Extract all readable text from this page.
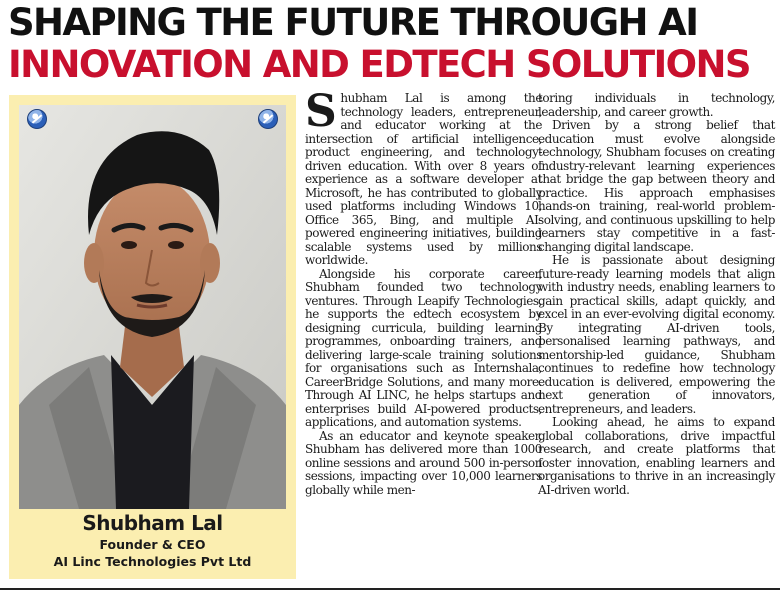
SHAPING THE FUTURE THROUGH AI
INNOVATION AND EDTECH SOLUTIONS
Shubham Lal
Founder & CEO
AI Linc Technologies Pvt Ltd

Shubham Lal is among the technology leaders, entrepreneur, and educator working at the intersection of artificial intelligence, product engineering, and technology-driven education. With over 8 years of experience as a software developer at Microsoft, he has contributed to globally used platforms including Windows 10, Office 365, Bing, and multiple AI-powered engineering initiatives, building scalable systems used by millions worldwide.

Alongside his corporate career, Shubham founded two technology ventures. Through Leapify Technologies, he supports the edtech ecosystem by designing curricula, building learning programmes, onboarding trainers, and delivering large-scale training solutions for organisations such as Internshala, CareerBridge Solutions, and many more. Through AI LINC, he helps startups and enterprises build AI-powered products, applications, and automation systems.

As an educator and keynote speaker, Shubham has delivered more than 1000 online sessions and around 500 in-person sessions, impacting over 10,000 learners globally while men-

toring individuals in technology, leadership, and career growth.

Driven by a strong belief that education must evolve alongside technology, Shubham focuses on creating industry-relevant learning experiences that bridge the gap between theory and practice. His approach emphasises hands-on training, real-world problem-solving, and continuous upskilling to help learners stay competitive in a fast-changing digital landscape.

He is passionate about designing future-ready learning models that align with industry needs, enabling learners to gain practical skills, adapt quickly, and excel in an ever-evolving digital economy. By integrating AI-driven tools, personalised learning pathways, and mentorship-led guidance, Shubham continues to redefine how technology education is delivered, empowering the next generation of innovators, entrepreneurs, and leaders.

Looking ahead, he aims to expand global collaborations, drive impactful research, and create platforms that foster innovation, enabling learners and organisations to thrive in an increasingly AI-driven world.
